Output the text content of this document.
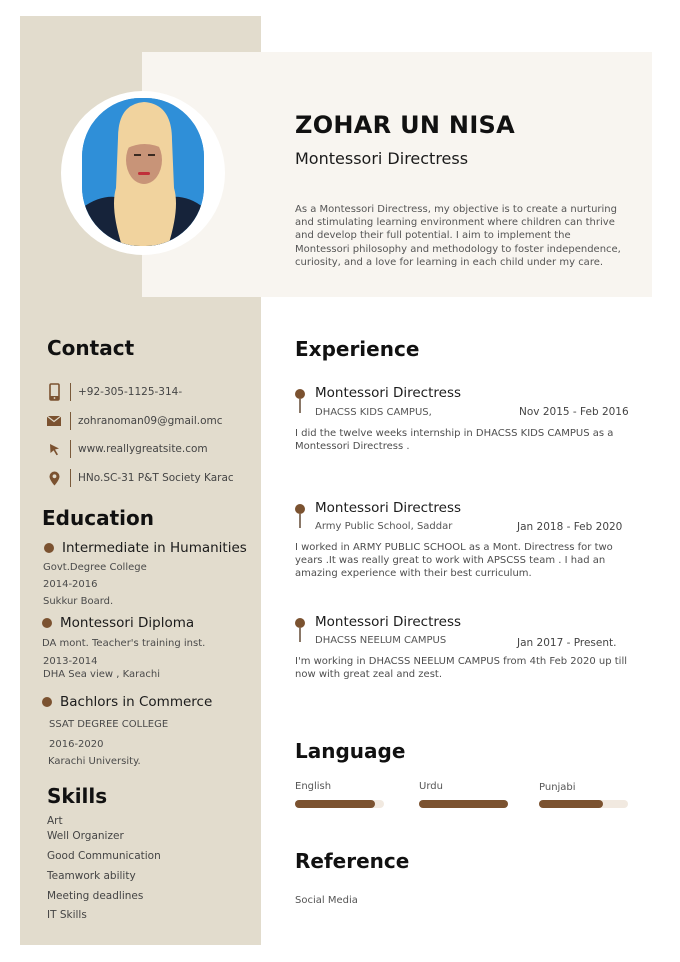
ZOHAR UN NISA
Montessori Directress
As a Montessori Directress, my objective is to create a nurturing and stimulating learning environment where children can thrive and develop their full potential. I aim to implement the Montessori philosophy and methodology to foster independence, curiosity, and a love for learning in each child under my care.
Contact
+92-305-1125-314-
zohranoman09@gmail.omc
www.reallygreatsite.com
HNo.SC-31 P&T Society Karac
Education
Intermediate in Humanities
Govt.Degree College
2014-2016
Sukkur Board.
Montessori Diploma
DA mont. Teacher's training inst.
2013-2014
DHA Sea view , Karachi
Bachlors in Commerce
SSAT DEGREE COLLEGE
2016-2020
Karachi University.
Skills
Art
Well Organizer
Good Communication
Teamwork ability
Meeting deadlines
IT Skills
Experience
Montessori Directress
DHACSS KIDS CAMPUS,	Nov 2015 - Feb 2016
I did the twelve weeks internship in DHACSS KIDS CAMPUS as a Montessori Directress .
Montessori Directress
Army Public School, Saddar	Jan 2018 - Feb 2020
I worked in ARMY PUBLIC SCHOOL as a Mont. Directress for two years .It was really great to work with APSCSS team . I had an amazing experience with their best curriculum.
Montessori Directress
DHACSS NEELUM CAMPUS	Jan 2017 - Present.
I'm working in DHACSS NEELUM CAMPUS from 4th Feb 2020 up till now with great zeal and zest.
Language
English	Urdu	Punjabi
Reference
Social Media
